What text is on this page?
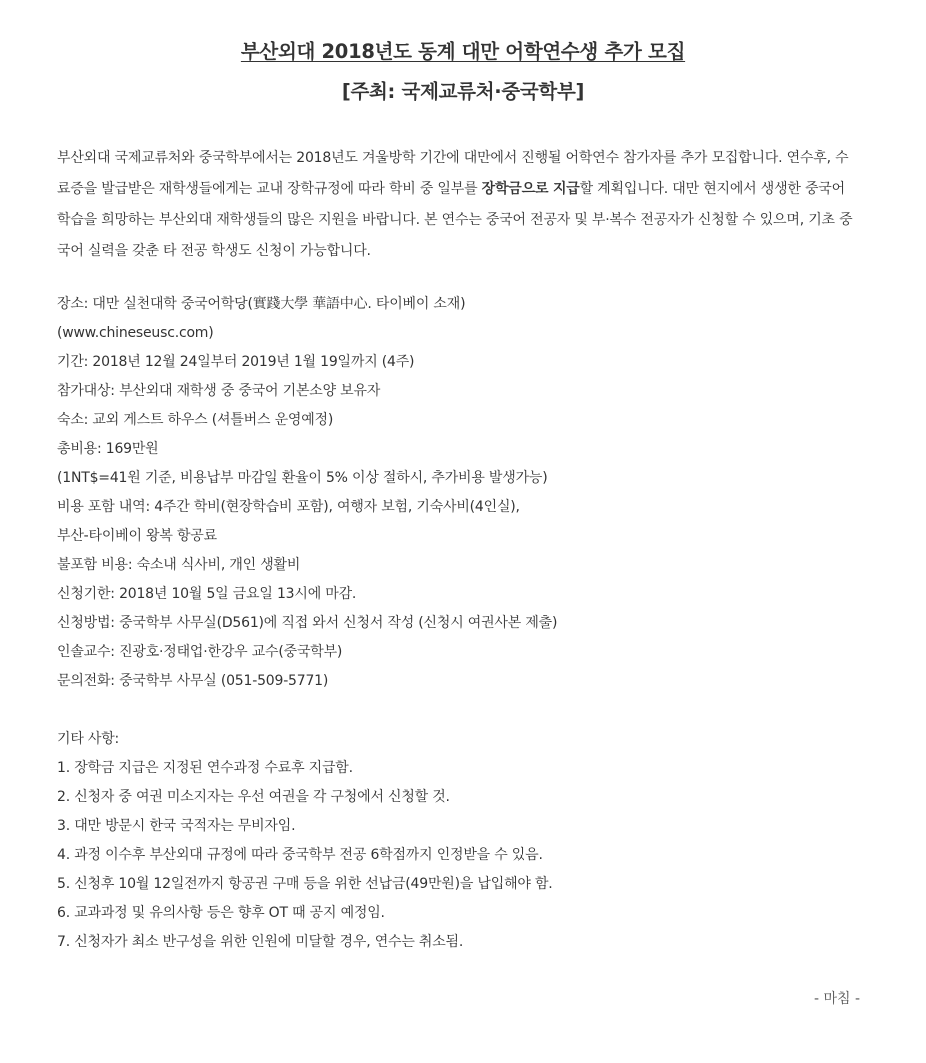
부산외대 2018년도 동계 대만 어학연수생 추가 모집
[주최: 국제교류처·중국학부]

부산외대 국제교류처와 중국학부에서는 2018년도 겨울방학 기간에 대만에서 진행될 어학연수 참가자를 추가 모집합니다. 연수후, 수료증을 발급받은 재학생들에게는 교내 장학규정에 따라 학비 중 일부를 장학금으로 지급할 계획입니다. 대만 현지에서 생생한 중국어 학습을 희망하는 부산외대 재학생들의 많은 지원을 바랍니다. 본 연수는 중국어 전공자 및 부·복수 전공자가 신청할 수 있으며, 기초 중국어 실력을 갖춘 타 전공 학생도 신청이 가능합니다.

장소: 대만 실천대학 중국어학당(實踐大學 華語中心. 타이베이 소재)
(www.chineseusc.com)
기간: 2018년 12월 24일부터 2019년 1월 19일까지 (4주)
참가대상: 부산외대 재학생 중 중국어 기본소양 보유자
숙소: 교외 게스트 하우스 (셔틀버스 운영예정)
총비용: 169만원
(1NT$=41원 기준, 비용납부 마감일 환율이 5% 이상 절하시, 추가비용 발생가능)
비용 포함 내역: 4주간 학비(현장학습비 포함), 여행자 보험, 기숙사비(4인실),
부산-타이베이 왕복 항공료
불포함 비용: 숙소내 식사비, 개인 생활비
신청기한: 2018년 10월 5일 금요일 13시에 마감.
신청방법: 중국학부 사무실(D561)에 직접 와서 신청서 작성 (신청시 여권사본 제출)
인솔교수: 진광호·정태업·한강우 교수(중국학부)
문의전화: 중국학부 사무실 (051-509-5771)
기타 사항:
1. 장학금 지급은 지정된 연수과정 수료후 지급함.
2. 신청자 중 여권 미소지자는 우선 여권을 각 구청에서 신청할 것.
3. 대만 방문시 한국 국적자는 무비자임.
4. 과정 이수후 부산외대 규정에 따라 중국학부 전공 6학점까지 인정받을 수 있음.
5. 신청후 10월 12일전까지 항공권 구매 등을 위한 선납금(49만원)을 납입해야 함.
6. 교과과정 및 유의사항 등은 향후 OT 때 공지 예정임.
7. 신청자가 최소 반구성을 위한 인원에 미달할 경우, 연수는 취소됨.
- 마침 -
